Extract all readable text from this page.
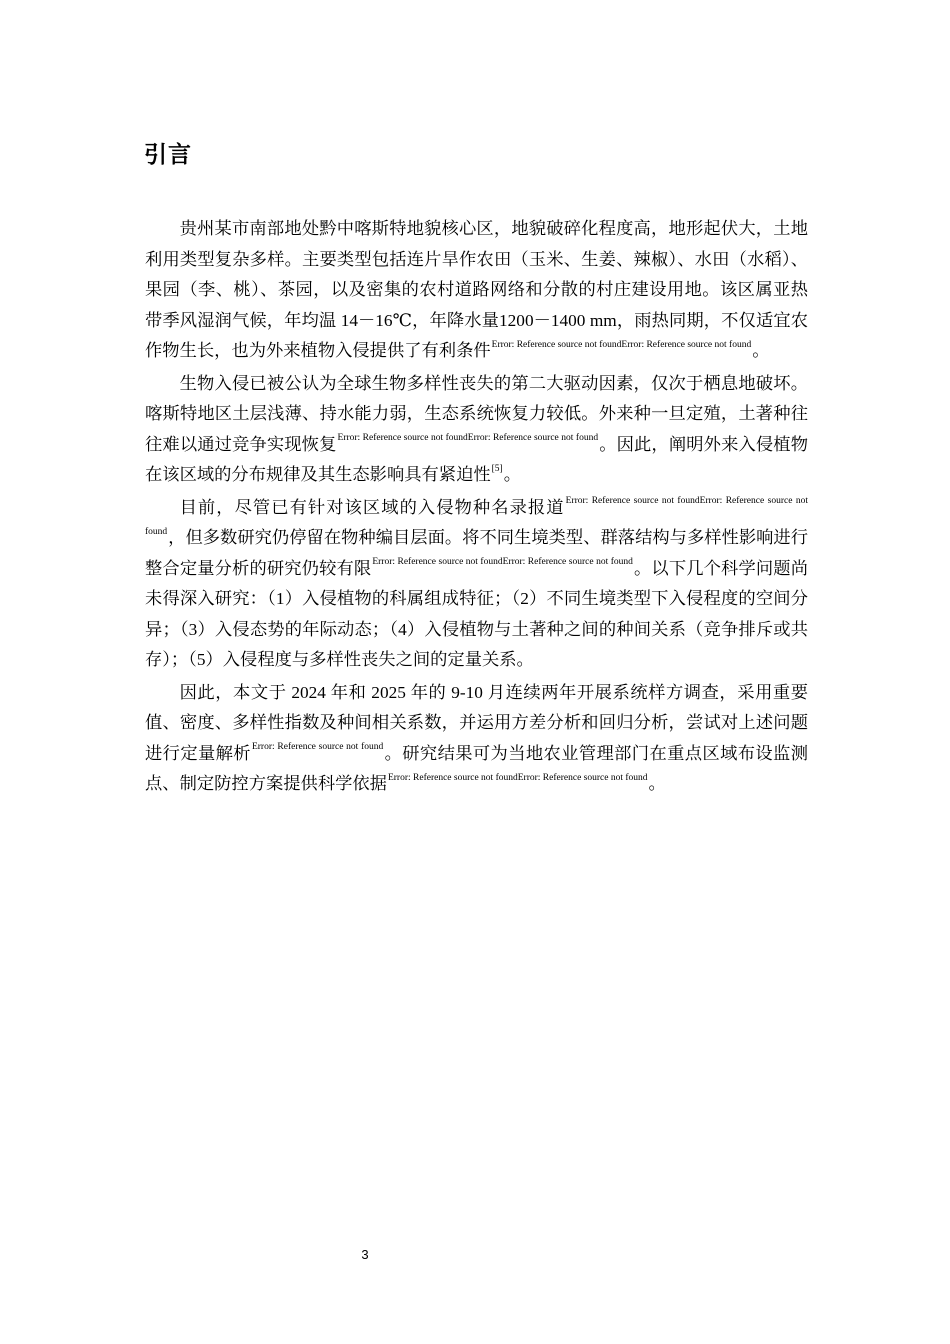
引言

贵州某市南部地处黔中喀斯特地貌核心区，地貌破碎化程度高，地形起伏大，土地利用类型复杂多样。主要类型包括连片旱作农田（玉米、生姜、辣椒）、水田（水稻）、果园（李、桃）、茶园，以及密集的农村道路网络和分散的村庄建设用地。该区属亚热带季风湿润气候，年均温 14－16℃，年降水量1200－1400 mm，雨热同期，不仅适宜农作物生长，也为外来植物入侵提供了有利条件$^{Error: Reference source not foundError: Reference source not found}$。

生物入侵已被公认为全球生物多样性丧失的第二大驱动因素，仅次于栖息地破坏。喀斯特地区土层浅薄、持水能力弱，生态系统恢复力较低。外来种一旦定殖，土著种往往难以通过竞争实现恢复$^{Error: Reference source not foundError: Reference source not found}$。因此，阐明外来入侵植物在该区域的分布规律及其生态影响具有紧迫性[5]。

目前，尽管已有针对该区域的入侵物种名录报道$^{Error: Reference source not foundError: Reference source not found}$，但多数研究仍停留在物种编目层面。将不同生境类型、群落结构与多样性影响进行整合定量分析的研究仍较有限$^{Error: Reference source not foundError: Reference source not found}$。以下几个科学问题尚未得深入研究：（1）入侵植物的科属组成特征；（2）不同生境类型下入侵程度的空间分异；（3）入侵态势的年际动态；（4）入侵植物与土著种之间的种间关系（竞争排斥或共存）；（5）入侵程度与多样性丧失之间的定量关系。

因此，本文于 2024 年和 2025 年的 9-10 月连续两年开展系统样方调查，采用重要值、密度、多样性指数及种间相关系数，并运用方差分析和回归分析，尝试对上述问题进行定量解析$^{Error: Reference source not found}$。研究结果可为当地农业管理部门在重点区域布设监测点、制定防控方案提供科学依据$^{Error: Reference source not foundError: Reference source not found}$。

3
